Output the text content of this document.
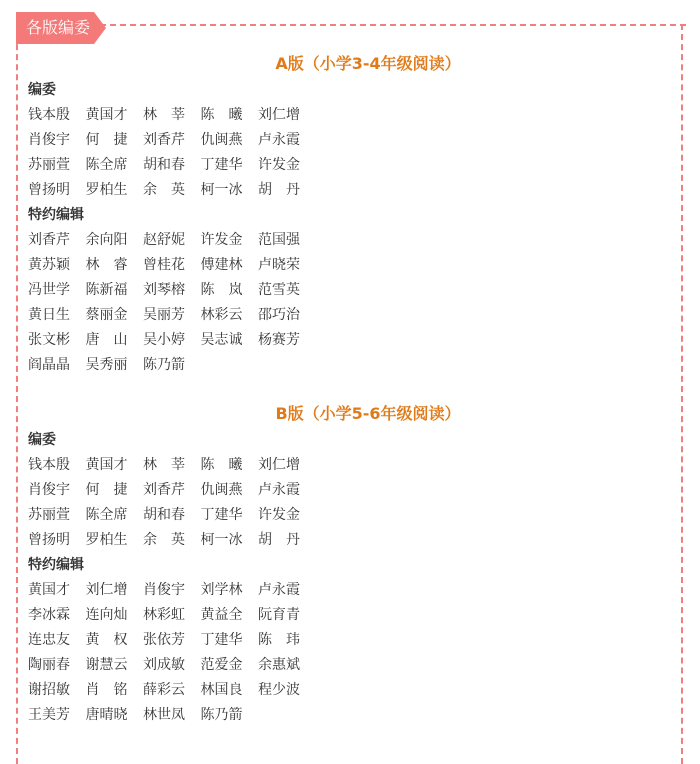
各版编委
A版（小学3-4年级阅读）
编委
钱本殷 黄国才 林　莘 陈　曦 刘仁增
肖俊宇 何　捷 刘香芹 仇闽燕 卢永霞
苏丽萱 陈全席 胡和春 丁建华 许发金
曾扬明 罗柏生 余　英 柯一冰 胡　丹
特约编辑
刘香芹 余向阳 赵舒妮 许发金 范国强
黄苏颖 林　睿 曾桂花 傅建林 卢晓荣
冯世学 陈新福 刘琴榕 陈　岚 范雪英
黄日生 蔡丽金 吴丽芳 林彩云 邵巧治
张文彬 唐　山 吴小婷 吴志诚 杨赛芳
阎晶晶 吴秀丽 陈乃箭
B版（小学5-6年级阅读）
编委
钱本殷 黄国才 林　莘 陈　曦 刘仁增
肖俊宇 何　捷 刘香芹 仇闽燕 卢永霞
苏丽萱 陈全席 胡和春 丁建华 许发金
曾扬明 罗柏生 余　英 柯一冰 胡　丹
特约编辑
黄国才 刘仁增 肖俊宇 刘学林 卢永霞
李冰霖 连向灿 林彩虹 黄益全 阮育青
连忠友 黄　权 张依芳 丁建华 陈　玮
陶丽春 谢慧云 刘成敏 范爱金 余惠斌
谢招敏 肖　铭 薛彩云 林国良 程少波
王美芳 唐晴晓 林世凤 陈乃箭
